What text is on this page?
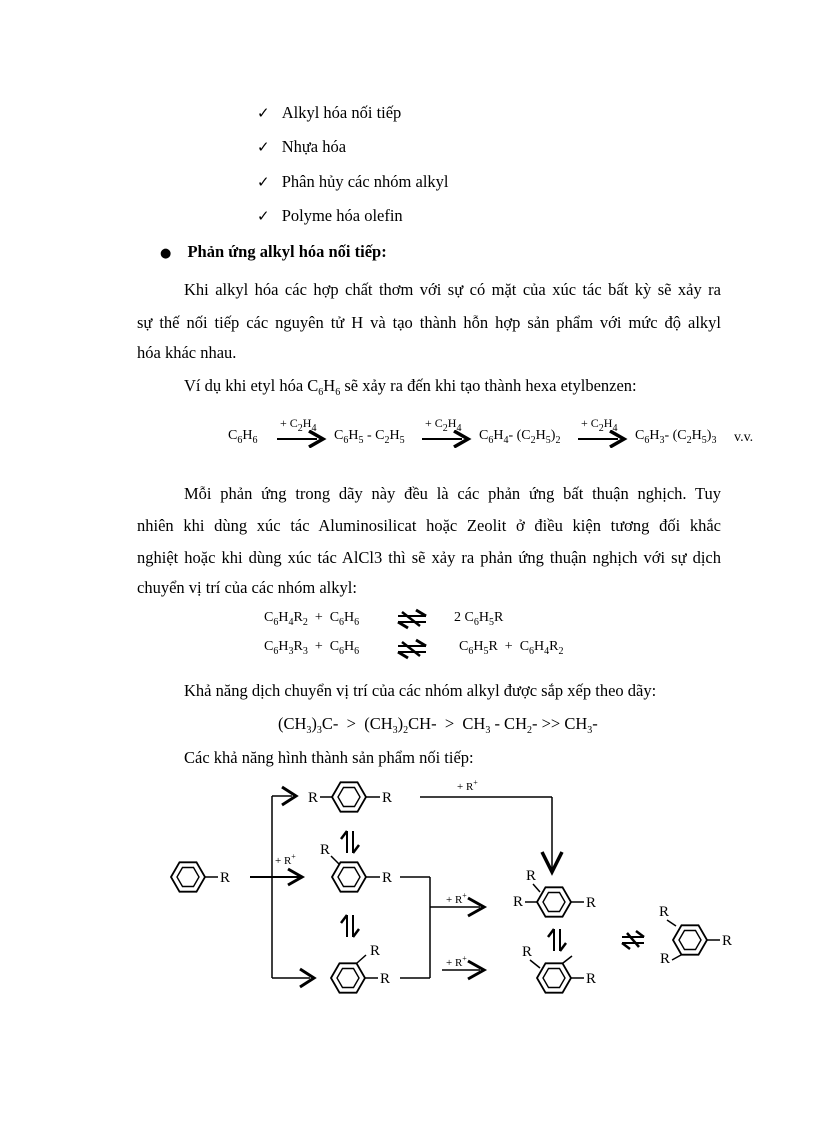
✓ Alkyl hóa nối tiếp
✓ Nhựa hóa
✓ Phân hủy các nhóm alkyl
✓ Polyme hóa olefin
● Phản ứng alkyl hóa nối tiếp:
Khi alkyl hóa các hợp chất thơm với sự có mặt của xúc tác bất kỳ sẽ xảy ra
sự thế nối tiếp các nguyên tử H và tạo thành hỗn hợp sản phẩm với mức độ alkyl
hóa khác nhau.
Ví dụ khi etyl hóa $C_6H_6$ sẽ xảy ra đến khi tạo thành hexa etylbenzen:
$C_6H_6$
+ $C_2H_4$ $C_6H_5 - C_2H_5$
+ $C_2H_4$ $C_6H_4-$ $(C_2H_5)_2$
+ $C_2H_4$ $C_6H_3-$ $(C_2H_5)_3$ v.v.
Mỗi phản ứng trong dãy này đều là các phản ứng bất thuận nghịch. Tuy
nhiên khi dùng xúc tác Aluminosilicat hoặc Zeolit ở điều kiện tương đối khắc
nghiệt hoặc khi dùng xúc tác AlCl3 thì sẽ xảy ra phản ứng thuận nghịch với sự dịch
chuyển vị trí của các nhóm alkyl:
$C_6H_4R_2 + C_6H_6$ ⇌ 2 $C_6H_5R$
$C_6H_3R_3 + C_6H_6$	$C_6H_5R + C_6H_4R_2$
Khả năng dịch chuyển vị trí của các nhóm alkyl được sắp xếp theo dãy:
$(CH_3)_3C- > (CH_3)_2CH- > CH_3 - CH_2- >> CH_3-$
Các khả năng hình thành sản phẩm nối tiếp:
R
+ R+
R	R
+ R+
R
R
R
R
+ R+
+ R+
R
R	R
R
R
R
R
R
